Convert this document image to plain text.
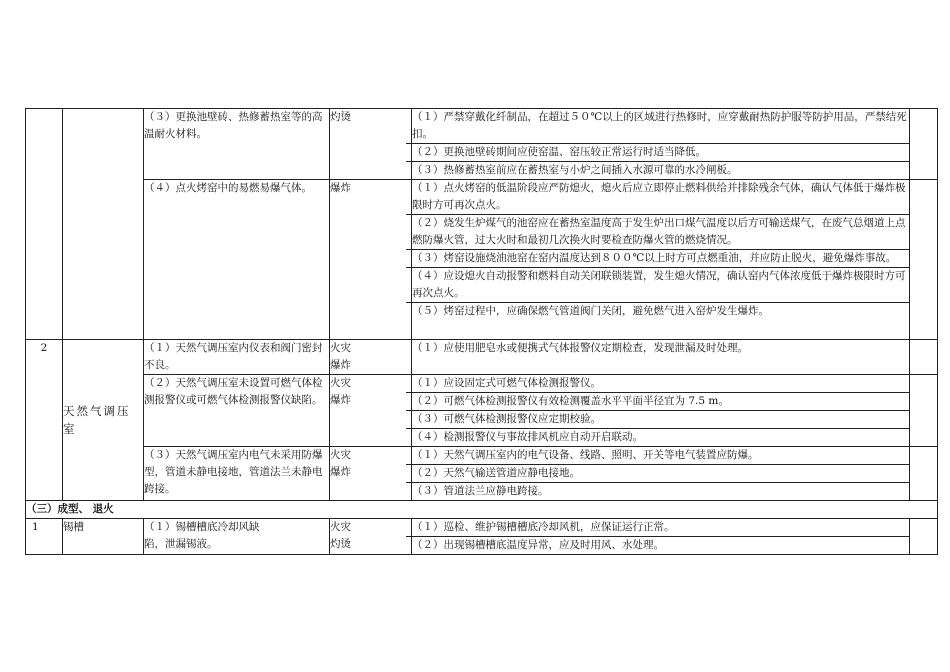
		（３）更换池壁砖、热修蓄热室等的高温耐火材料。	灼烫	（１）严禁穿戴化纤制品，在超过５０℃以上的区域进行热修时，应穿戴耐热防护服等防护用品，严禁结死扣。
（２）更换池壁砖期间应使窑温、窑压较正常运行时适当降低。
（３）热修蓄热室前应在蓄热室与小炉之间插入水源可靠的水冷闸板。	

		（４）点火烤窑中的易燃易爆气体。	爆炸	（１）点火烤窑的低温阶段应严防熄火，熄火后应立即停止燃料供给并排除残余气体，确认气体低于爆炸极限时方可再次点火。
（２）烧发生炉煤气的池窑应在蓄热室温度高于发生炉出口煤气温度以后方可输送煤气，在废气总烟道上点燃防爆火管，过大火时和最初几次换火时要检查防爆火管的燃烧情况。
（３）烤窑设施烧油池窑在窑内温度达到８００℃以上时方可点燃重油，并应防止脱火，避免爆炸事故。
（４）应设熄火自动报警和燃料自动关闭联锁装置，发生熄火情况，确认窑内气体浓度低于爆炸极限时方可再次点火。
（５）烤窑过程中，应确保燃气管道阀门关闭，避免燃气进入窑炉发生爆炸。	

2	天然气调压室	（１）天然气调压室内仪表和阀门密封不良。	火灾
爆炸	（１）应使用肥皂水或便携式气体报警仪定期检查，发现泄漏及时处理。	

		（２）天然气调压室未设置可燃气体检测报警仪或可燃气体检测报警仪缺陷。	火灾
爆炸	（１）应设固定式可燃气体检测报警仪。
（２）可燃气体检测报警仪有效检测覆盖水平平面半径宜为 7.5 m。
（３）可燃气体检测报警仪应定期校验。
（４）检测报警仪与事故排风机应自动开启联动。	

		（３）天然气调压室内电气未采用防爆型，管道未静电接地，管道法兰未静电跨接。	火灾
爆炸	（１）天然气调压室内的电气设备、线路、照明、开关等电气装置应防爆。
（２）天然气输送管道应静电接地。
（３）管道法兰应静电跨接。	

（三）成型、 退火					
1	锡槽	（１）锡槽槽底冷却风缺
陷，泄漏锡液。	火灾
灼烫	（１）巡检、维护锡槽槽底冷却风机，应保证运行正常。
（２）出现锡槽槽底温度异常，应及时用风、水处理。	
